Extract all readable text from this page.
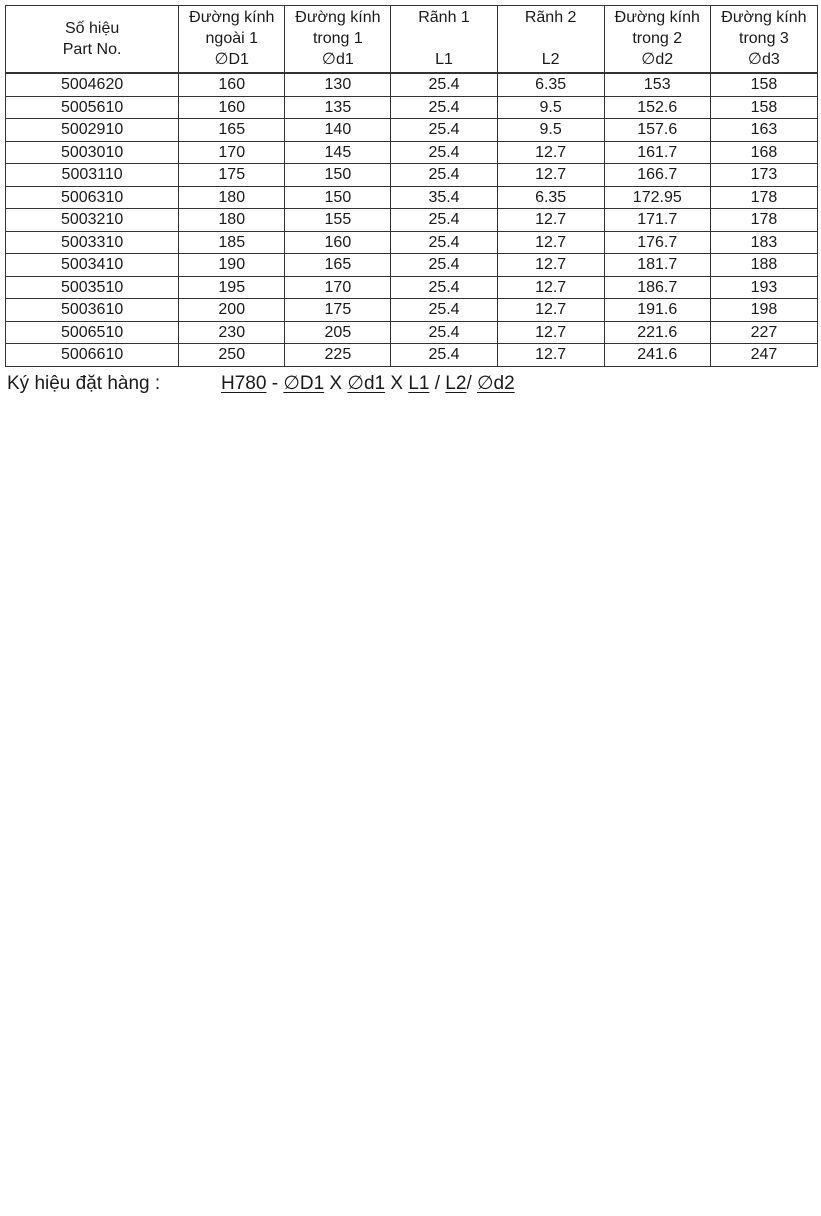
Số hiệu
Part No.	Đường kính
ngoài 1
∅D1	Đường kính
trong 1
∅d1	Rãnh 1
L1	Rãnh 2
L2	Đường kính
trong 2
∅d2	Đường kính
trong 3
∅d3

5004620	160	130	25.4	6.35	153	158
5005610	160	135	25.4	9.5	152.6	158
5002910	165	140	25.4	9.5	157.6	163
5003010	170	145	25.4	12.7	161.7	168
5003110	175	150	25.4	12.7	166.7	173
5006310	180	150	35.4	6.35	172.95	178
5003210	180	155	25.4	12.7	171.7	178
5003310	185	160	25.4	12.7	176.7	183
5003410	190	165	25.4	12.7	181.7	188
5003510	195	170	25.4	12.7	186.7	193
5003610	200	175	25.4	12.7	191.6	198
5006510	230	205	25.4	12.7	221.6	227
5006610	250	225	25.4	12.7	241.6	247
Ký hiệu đặt hàng :	H780 - ∅D1 X ∅d1 X L1 / L2/ ∅d2
